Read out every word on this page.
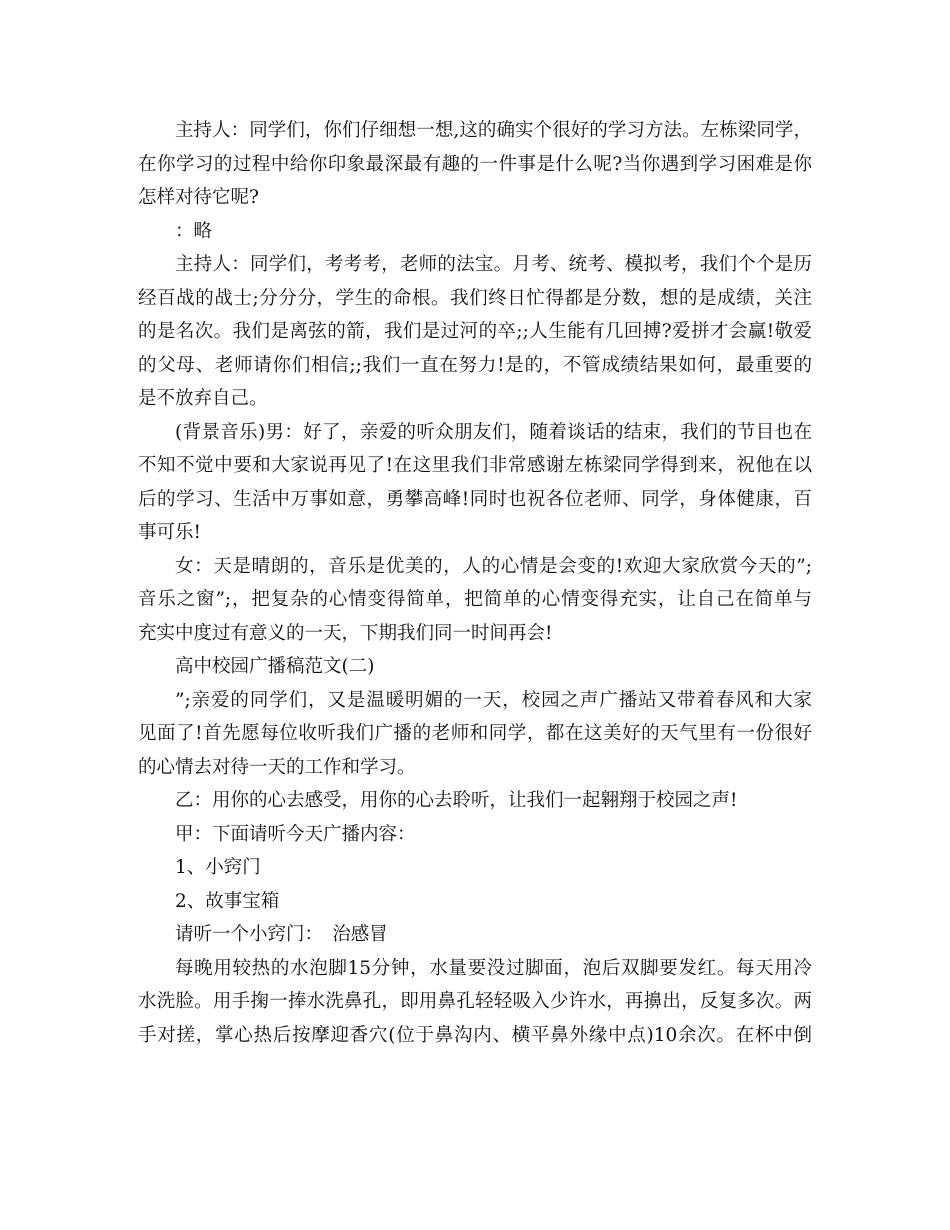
主持人：同学们，你们仔细想一想,这的确实个很好的学习方法。左栋梁同学，
在你学习的过程中给你印象最深最有趣的一件事是什么呢?当你遇到学习困难是你
怎样对待它呢?
：略
主持人：同学们，考考考，老师的法宝。月考、统考、模拟考，我们个个是历
经百战的战士;分分分，学生的命根。我们终日忙得都是分数，想的是成绩，关注
的是名次。我们是离弦的箭，我们是过河的卒;;人生能有几回搏?爱拼才会赢!敬爱
的父母、老师请你们相信;;我们一直在努力!是的，不管成绩结果如何，最重要的
是不放弃自己。
(背景音乐)男：好了，亲爱的听众朋友们，随着谈话的结束，我们的节目也在
不知不觉中要和大家说再见了!在这里我们非常感谢左栋梁同学得到来，祝他在以
后的学习、生活中万事如意，勇攀高峰!同时也祝各位老师、同学，身体健康，百
事可乐!
女：天是晴朗的，音乐是优美的，人的心情是会变的!欢迎大家欣赏今天的”;
音乐之窗”;，把复杂的心情变得简单，把简单的心情变得充实，让自己在简单与
充实中度过有意义的一天，下期我们同一时间再会!
高中校园广播稿范文(二)
”;亲爱的同学们，又是温暖明媚的一天，校园之声广播站又带着春风和大家
见面了!首先愿每位收听我们广播的老师和同学，都在这美好的天气里有一份很好
的心情去对待一天的工作和学习。
乙：用你的心去感受，用你的心去聆听，让我们一起翱翔于校园之声!
甲：下面请听今天广播内容：
1、小窍门
2、故事宝箱
请听一个小窍门：　治感冒
每晚用较热的水泡脚15分钟，水量要没过脚面，泡后双脚要发红。每天用冷
水洗脸。用手掬一捧水洗鼻孔，即用鼻孔轻轻吸入少许水，再擤出，反复多次。两
手对搓，掌心热后按摩迎香穴(位于鼻沟内、横平鼻外缘中点)10余次。在杯中倒
